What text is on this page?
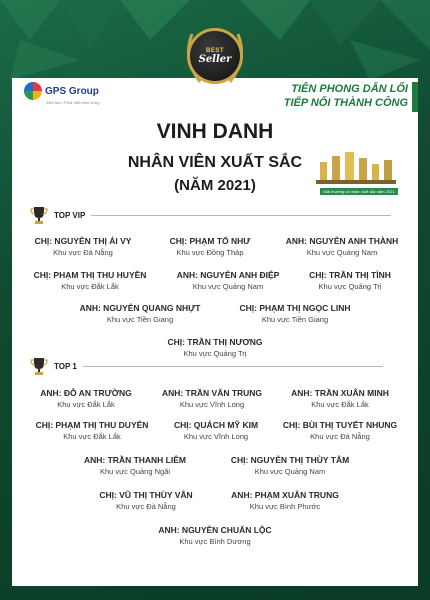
BEST
Seller
GPS Group
Kiến tạo • Phát triển bền vững
TIÊN PHONG DẪN LỐI
TIẾP NỐI THÀNH CÔNG
VINH DANH
NHÂN VIÊN XUẤT SẮC
(NĂM 2021)	Giải thưởng cá nhân xuất sắc năm 2021
TOP VIP
CHỊ: NGUYỄN THỊ ÁI VY
Khu vực Đà Nẵng
CHỊ: PHẠM TỐ NHƯ
Khu vực Đồng Tháp
ANH: NGUYỄN ANH THÀNH
Khu vực Quảng Nam
CHỊ: PHẠM THỊ THU HUYỀN
Khu vực Đắk Lắk
ANH: NGUYỄN ANH ĐIỆP
Khu vực Quảng Nam
CHỊ: TRẦN THỊ TÌNH
Khu vực Quảng Trị
ANH: NGUYỄN QUANG NHỰT
Khu vực Tiền Giang
CHỊ: PHẠM THỊ NGỌC LINH
Khu vực Tiền Giang
CHỊ: TRẦN THỊ NƯƠNG
Khu vực Quảng Trị
TOP 1
ANH: ĐỖ AN TRƯỜNG
Khu vực Đắk Lắk
ANH: TRẦN VĂN TRUNG
Khu vực Vĩnh Long
ANH: TRẦN XUÂN MINH
Khu vực Đắk Lắk
CHỊ: PHẠM THỊ THU DUYÊN
Khu vực Đắk Lắk
CHỊ: QUÁCH MỸ KIM
Khu vực Vĩnh Long
CHỊ: BÙI THỊ TUYẾT NHUNG
Khu vực Đà Nẵng
ANH: TRẦN THANH LIÊM
Khu vực Quảng Ngãi
CHỊ: NGUYỄN THỊ THÙY TÂM
Khu vực Quảng Nam
CHỊ: VŨ THỊ THÙY VÂN
Khu vực Đà Nẵng
ANH: PHẠM XUÂN TRUNG
Khu vực Bình Phước
ANH: NGUYỄN CHUẨN LỘC
Khu vực Bình Dương
